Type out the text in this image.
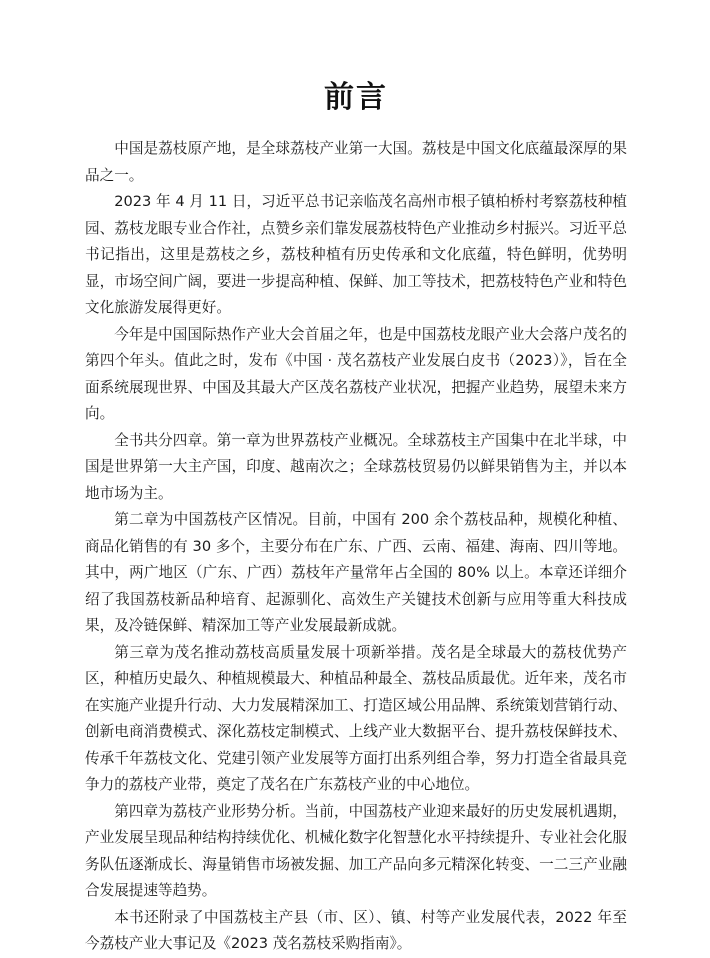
前言

中国是荔枝原产地，是全球荔枝产业第一大国。荔枝是中国文化底蕴最深厚的果品之一。

2023 年 4 月 11 日，习近平总书记亲临茂名高州市根子镇柏桥村考察荔枝种植园、荔枝龙眼专业合作社，点赞乡亲们靠发展荔枝特色产业推动乡村振兴。习近平总书记指出，这里是荔枝之乡，荔枝种植有历史传承和文化底蕴，特色鲜明，优势明显，市场空间广阔，要进一步提高种植、保鲜、加工等技术，把荔枝特色产业和特色文化旅游发展得更好。

今年是中国国际热作产业大会首届之年，也是中国荔枝龙眼产业大会落户茂名的第四个年头。值此之时，发布《中国 · 茂名荔枝产业发展白皮书（2023）》，旨在全面系统展现世界、中国及其最大产区茂名荔枝产业状况，把握产业趋势，展望未来方向。

全书共分四章。第一章为世界荔枝产业概况。全球荔枝主产国集中在北半球，中国是世界第一大主产国，印度、越南次之；全球荔枝贸易仍以鲜果销售为主，并以本地市场为主。

第二章为中国荔枝产区情况。目前，中国有 200 余个荔枝品种，规模化种植、商品化销售的有 30 多个，主要分布在广东、广西、云南、福建、海南、四川等地。其中，两广地区（广东、广西）荔枝年产量常年占全国的 80% 以上。本章还详细介绍了我国荔枝新品种培育、起源驯化、高效生产关键技术创新与应用等重大科技成果，及冷链保鲜、精深加工等产业发展最新成就。

第三章为茂名推动荔枝高质量发展十项新举措。茂名是全球最大的荔枝优势产区，种植历史最久、种植规模最大、种植品种最全、荔枝品质最优。近年来，茂名市在实施产业提升行动、大力发展精深加工、打造区域公用品牌、系统策划营销行动、创新电商消费模式、深化荔枝定制模式、上线产业大数据平台、提升荔枝保鲜技术、传承千年荔枝文化、党建引领产业发展等方面打出系列组合拳，努力打造全省最具竞争力的荔枝产业带，奠定了茂名在广东荔枝产业的中心地位。

第四章为荔枝产业形势分析。当前，中国荔枝产业迎来最好的历史发展机遇期，产业发展呈现品种结构持续优化、机械化数字化智慧化水平持续提升、专业社会化服务队伍逐渐成长、海量销售市场被发掘、加工产品向多元精深化转变、一二三产业融合发展提速等趋势。

本书还附录了中国荔枝主产县（市、区）、镇、村等产业发展代表，2022 年至今荔枝产业大事记及《2023 茂名荔枝采购指南》。
